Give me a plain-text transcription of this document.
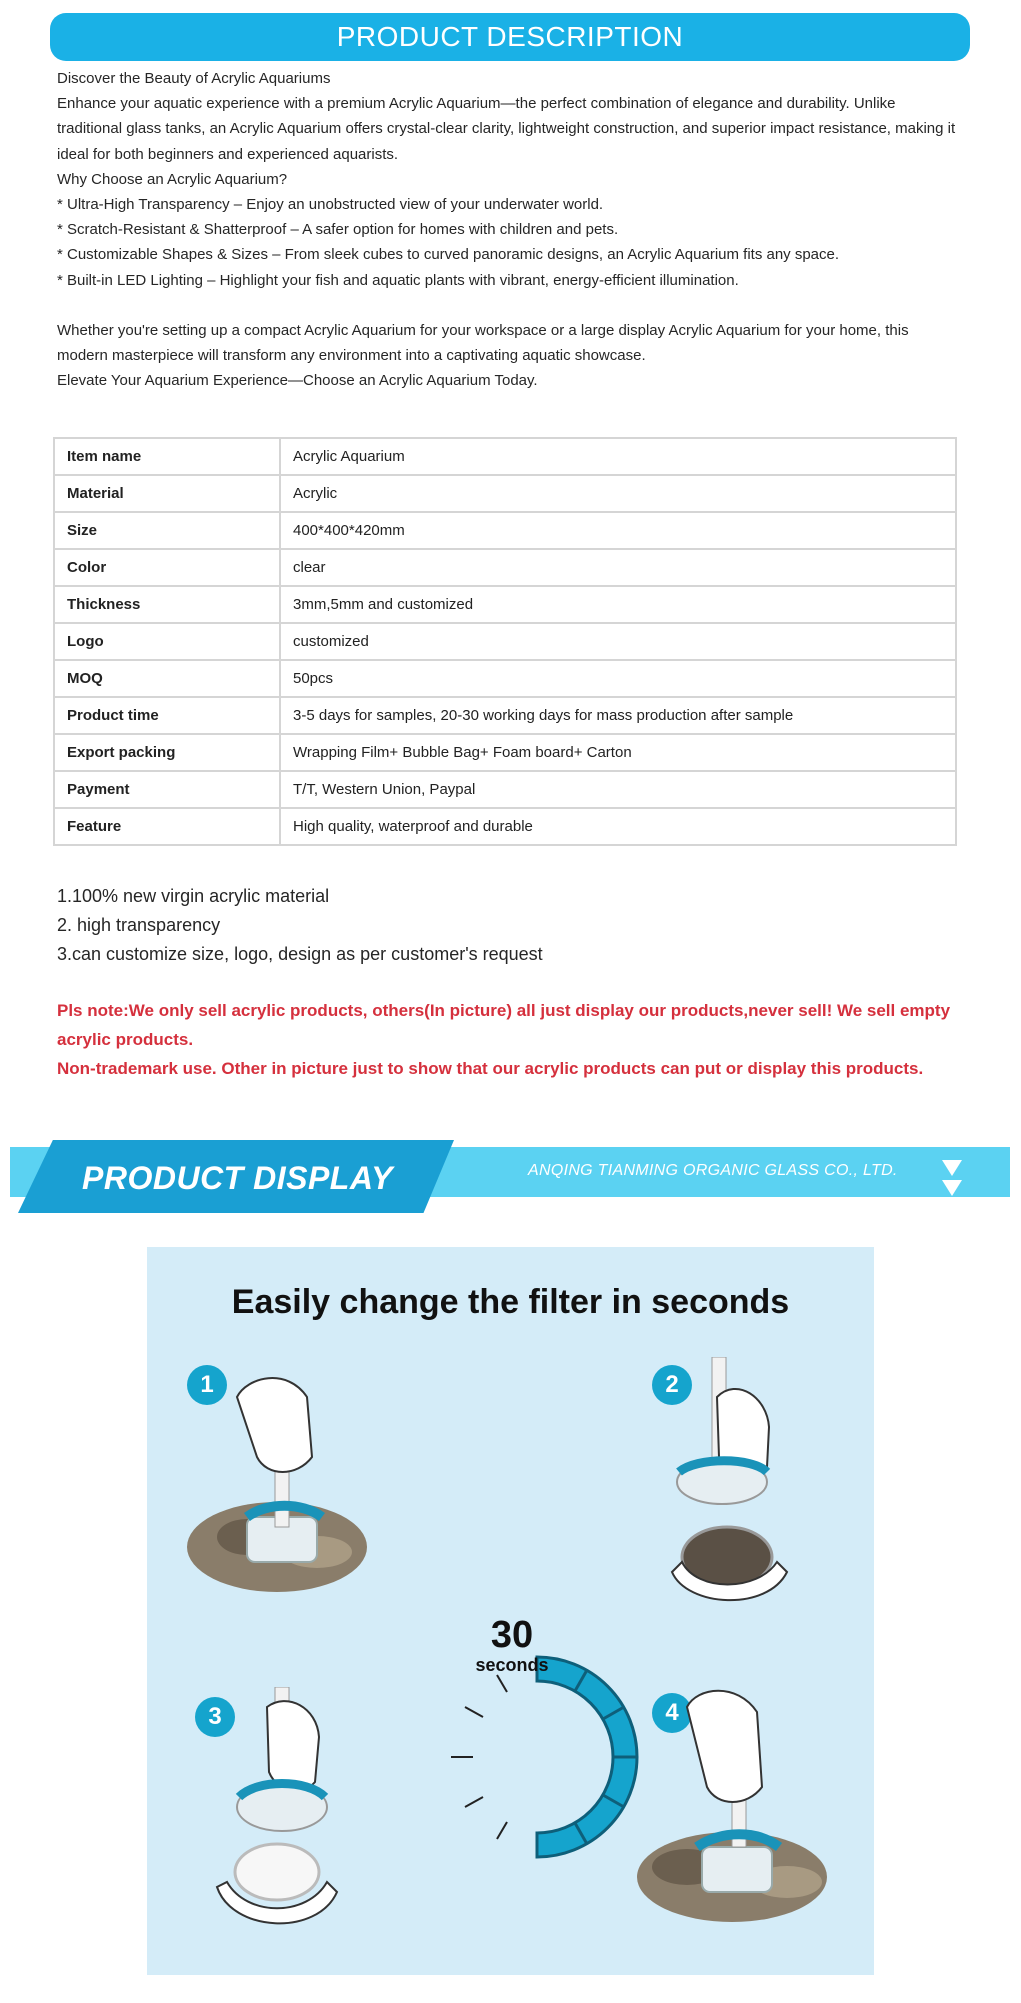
PRODUCT DESCRIPTION

Discover the Beauty of Acrylic Aquariums

Enhance your aquatic experience with a premium Acrylic Aquarium—the perfect combination of elegance and durability. Unlike traditional glass tanks, an Acrylic Aquarium offers crystal-clear clarity, lightweight construction, and superior impact resistance, making it ideal for both beginners and experienced aquarists.

Why Choose an Acrylic Aquarium?

* Ultra-High Transparency – Enjoy an unobstructed view of your underwater world.

* Scratch-Resistant & Shatterproof – A safer option for homes with children and pets.

* Customizable Shapes & Sizes – From sleek cubes to curved panoramic designs, an Acrylic Aquarium fits any space.

* Built-in LED Lighting – Highlight your fish and aquatic plants with vibrant, energy-efficient illumination.

Whether you're setting up a compact Acrylic Aquarium for your workspace or a large display Acrylic Aquarium for your home, this modern masterpiece will transform any environment into a captivating aquatic showcase.

Elevate Your Aquarium Experience—Choose an Acrylic Aquarium Today.

Item name	Acrylic Aquarium
Material	Acrylic
Size	400*400*420mm
Color	clear
Thickness	3mm,5mm and customized
Logo	customized
MOQ	50pcs
Product time	3-5 days for samples, 20-30 working days for mass production after sample
Export packing	Wrapping Film+ Bubble Bag+ Foam board+ Carton
Payment	T/T, Western Union, Paypal
Feature	High quality, waterproof and durable

1.100% new virgin acrylic material

2. high transparency

3.can customize size, logo, design as per customer's request

Pls note:We only sell acrylic products, others(In picture) all just display our products,never sell! We sell empty acrylic products.

Non-trademark use. Other in picture just to show that our acrylic products can put or display this products.

PRODUCT DISPLAY	ANQING TIANMING ORGANIC GLASS CO., LTD.
Easily change the filter in seconds
1	2
3	4
30
seconds
